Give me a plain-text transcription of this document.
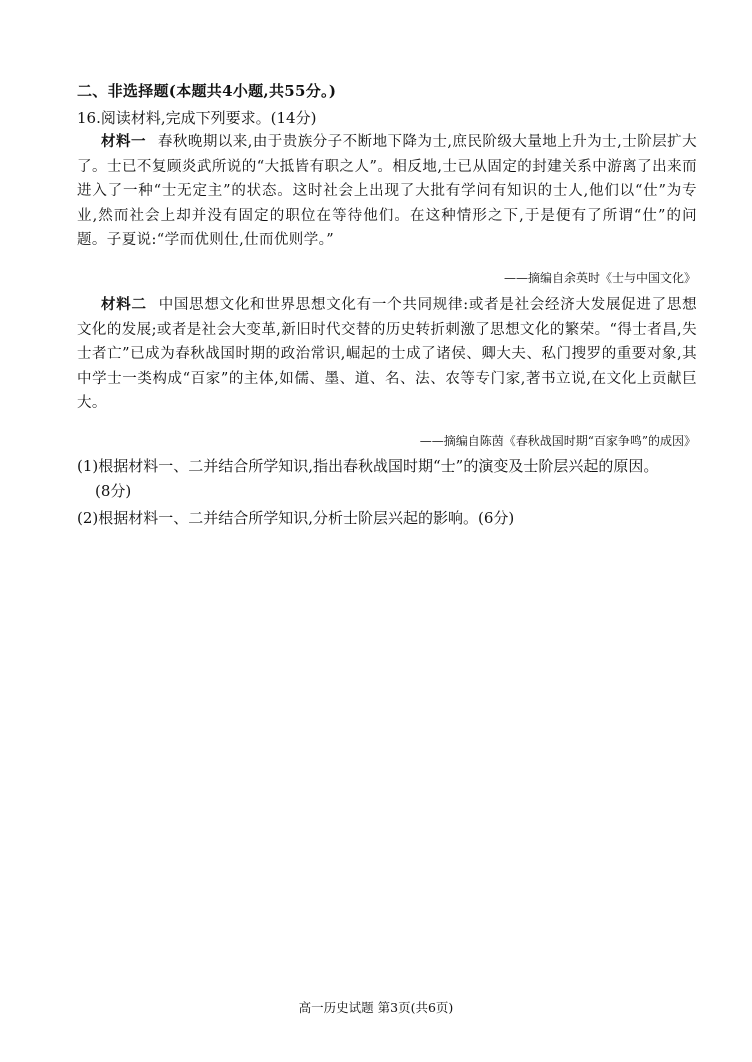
二、非选择题(本题共4小题,共55分。)
16.阅读材料,完成下列要求。(14分)
材料一 春秋晚期以来,由于贵族分子不断地下降为士,庶民阶级大量地上升为士,士阶层扩大了。士已不复顾炎武所说的“大抵皆有职之人”。相反地,士已从固定的封建关系中游离了出来而进入了一种“士无定主”的状态。这时社会上出现了大批有学问有知识的士人,他们以“仕”为专业,然而社会上却并没有固定的职位在等待他们。在这种情形之下,于是便有了所谓“仕”的问题。子夏说:“学而优则仕,仕而优则学。”
——摘编自余英时《士与中国文化》
材料二 中国思想文化和世界思想文化有一个共同规律:或者是社会经济大发展促进了思想文化的发展;或者是社会大变革,新旧时代交替的历史转折刺激了思想文化的繁荣。“得士者昌,失士者亡”已成为春秋战国时期的政治常识,崛起的士成了诸侯、卿大夫、私门搜罗的重要对象,其中学士一类构成“百家”的主体,如儒、墨、道、名、法、农等专门家,著书立说,在文化上贡献巨大。
——摘编自陈茵《春秋战国时期“百家争鸣”的成因》
(1)根据材料一、二并结合所学知识,指出春秋战国时期“士”的演变及士阶层兴起的原因。
(8分)
(2)根据材料一、二并结合所学知识,分析士阶层兴起的影响。(6分)
高一历史试题 第3页(共6页)
